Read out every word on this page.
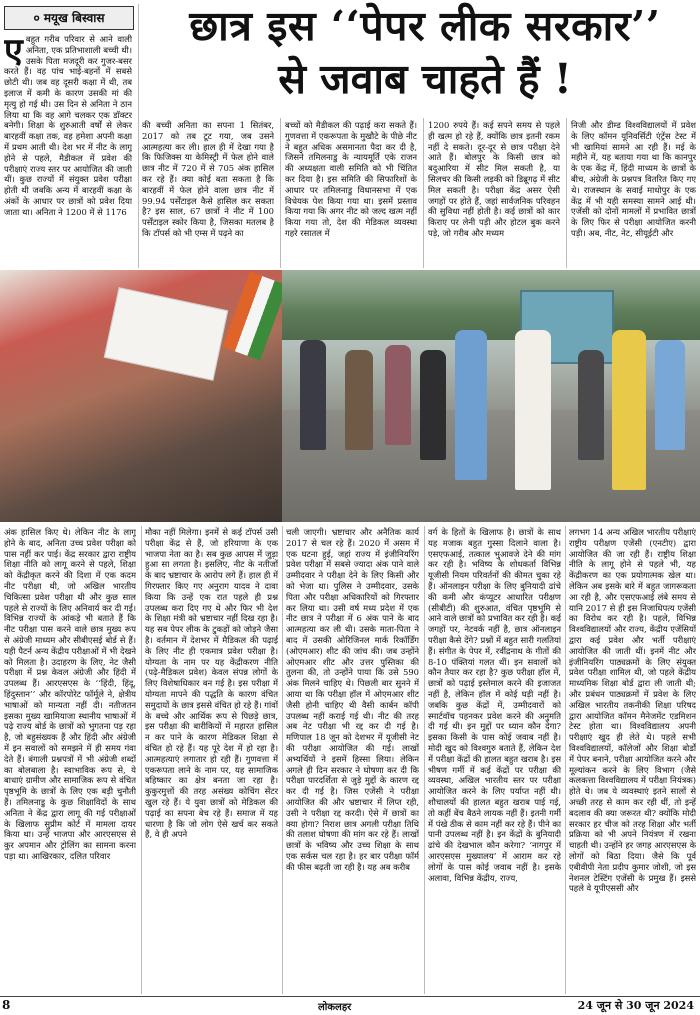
० मयूख बिस्वास	छात्र इस ‘‘पेपर लीक सरकार’’
से जवाब चाहते हैं !
एबहुत गरीब परिवार से आने वाली अनिता, एक प्रतिभाशाली बच्ची थी। उसके पिता मजदूरी कर गुजर-बसर करते हैं। वह पांच भाई-बहनों में सबसे छोटी थी। जब वह दूसरी कक्षा में थी, तब इलाज में कमी के कारण उसकी मां की मृत्यु हो गई थी। उस दिन से अनिता ने ठान लिया था कि वह आगे चलकर एक डॉक्टर बनेगी। शिक्षा के शुरुआती वर्षों से लेकर बारहवीं कक्षा तक, वह हमेशा अपनी कक्षा में प्रथम आती थी। देश भर में नीट के लागू होने से पहले, मैडीकल में प्रवेश की परीक्षाएं राज्य स्तर पर आयोजित की जाती थीं। कुछ राज्यों में संयुक्त प्रवेश परीक्षा होती थी जबकि अन्य में बारहवीं कक्षा के अंकों के आधार पर छात्रों को प्रवेश दिया जाता था। अनिता ने 1200 में से 1176
की बच्ची अनिता का सपना 1 सितंबर, 2017 को तब टूट गया, जब उसने आत्महत्या कर ली। हाल ही में देखा गया है कि फिजिक्स या केमिस्ट्री में फेल होने वाले छात्र नीट में 720 में से 705 अंक हासिल कर रहे हैं। क्या कोई बता सकता है कि बारहवीं में फेल होने वाला छात्र नीट में 99.94 पर्सेंटाइल कैसे हासिल कर सकता है? इस साल, 67 छात्रों ने नीट में 100 पर्सेंटाइल स्कोर किया है, जिसका मतलब है कि टॉपर्स को भी एम्स में पढ़ने का
बच्चों को मैडीकल की पढ़ाई करा सकते हैं। गुणवत्ता में एकरूपता के मुखौटे के पीछे नीट ने बहुत अधिक असमानता पैदा कर दी है, जिसने तमिलनाडु के न्यायमूर्ति एके राजन की अध्यक्षता वाली समिति को भी चिंतित कर दिया है। इस समिति की सिफारिशों के आधार पर तमिलनाडु विधानसभा में एक विधेयक पेश किया गया था। इसमें प्रस्ताव किया गया कि अगर नीट को जल्द खत्म नहीं किया गया तो, देश की मेडिकल व्यवस्था गहरे रसातल में
1200 रुपये हैं। कई सपने समय से पहले ही खत्म हो रहे हैं, क्योंकि छात्र इतनी रकम नहीं दे सकते। दूर-दूर से छात्र परीक्षा देने आते हैं। बोलपुर के किसी छात्र को बदुआरिया में सीट मिल सकती है, या सिलचर की किसी लड़की को डिब्रूगढ़ में सीट मिल सकती है। परीक्षा केंद्र असर ऐसी जगहों पर होते हैं, जहां सार्वजनिक परिवहन की सुविधा नहीं होती है। कई छात्रों को कार किराए पर लेनी पड़ी और होटल बुक करने पड़े, जो गरीब और मध्यम
निजी और डीम्ड विश्वविद्यालयों में प्रवेश के लिए कॉमन यूनिवर्सिटी एंट्रेंस टेस्ट में भी खामियां सामने आ रही हैं। मई के महीने में, यह बताया गया था कि कानपुर के एक केंद्र में, हिंदी माध्यम के छात्रों के बीच, अंग्रेजी के प्रश्नपत्र वितरित किए गए थे। राजस्थान के सवाई माधोपुर के एक केंद्र में भी यही समस्या सामने आई थी। एजेंसी को दोनों मामलों में प्रभावित छात्रों के लिए फिर से परीक्षा आयोजित करनी पड़ी। अब, नीट, नेट, सीयूईटी और
अंक हासिल किए थे। लेकिन नीट के लागू होने के बाद, अनिता उच्च प्रवेश परीक्षा को पास नहीं कर पाई। केंद्र सरकार द्वारा राष्ट्रीय शिक्षा नीति को लागू करने से पहले, शिक्षा को केंद्रीकृत करने की दिशा में एक कदम नीट परीक्षा थी, जो अखिल भारतीय चिकित्सा प्रवेश परीक्षा थी और कुछ साल पहले से राज्यों के लिए अनिवार्य कर दी गई। विभिन्न राज्यों के आंकड़े भी बताते हैं कि नीट परीक्षा पास करने वाले छात्र मुख्य रूप से अंग्रेजी माध्यम और सीबीएसई बोर्ड से हैं। यही पैटर्न अन्य केंद्रीय परीक्षाओं में भी देखने को मिलता है। उदाहरण के लिए, नेट जैसी परीक्षा में प्रश्न केवल अंग्रेजी और हिंदी में उपलब्ध हैं। आरएसएस के ‘‘हिंदी, हिंदू, हिंदुस्तान’’ और कॉरपोरेट फॉर्मूले ने, क्षेत्रीय भाषाओं को मान्यता नहीं दी। नतीजतन इसका मुख्य खामियाजा स्थानीय भाषाओं में पढ़े राज्य बोर्ड के छात्रों को भुगतना पड़ रहा है, जो बहुसंख्यक हैं और हिंदी और अंग्रेजी में इन सवालों को समझने में ही समय गंवा देते हैं। बंगाली प्रश्नपत्रों में भी अंग्रेजी शब्दों का बोलबाला है। स्वाभाविक रूप से, ये बाधाएं ग्रामीण और सामाजिक रूप से वंचित पृष्ठभूमि के छात्रों के लिए एक बड़ी चुनौती हैं। तमिलनाडु के कुछ शिक्षाविदों के साथ अनिता ने केंद्र द्वारा लागू की गई परीक्षाओं के खिलाफ सुप्रीम कोर्ट में मामला दायर किया था। उन्हें भाजपा और आरएसएस से कुर अपमान और ट्रोलिंग का सामना करना पड़ा था। आखिरकार, दलित परिवार
मौका नहीं मिलेगा। इनमें से कई टॉपर्स उसी परीक्षा केंद्र से हैं, जो हरियाणा के एक भाजपा नेता का है। सब कुछ आपस में जुड़ा हुआ सा लगता है। इसलिए, नीट के नतीजों के बाद भ्रष्टाचार के आरोप लगे हैं। हाल ही में गिरफ्तार किए गए अनुराग यादव ने दावा किया कि उन्हें एक रात पहले ही प्रश्न उपलब्ध करा दिए गए थे और फिर भी देश के शिक्षा मंत्री को भ्रष्टाचार नहीं दिख रहा है। यह सब पेपर लीक के टुकड़ों को जोड़ने जैसा है। वर्तमान में देशभर में मैडिकल की पढ़ाई के लिए नीट ही एकमात्र प्रवेश परीक्षा है। योग्यता के नाम पर यह केंद्रीकरण नीति (पढ़े-मैडिकल प्रवेश) केवल संपन्न लोगों के लिए विशेषाधिकार बन गई है। इस परीक्षा में योग्यता मापने की पद्धति के कारण वंचित समुदायों के छात्र इससे वंचित हो रहे हैं। गांवों के बच्चे और आर्थिक रूप से पिछड़े छात्र, इस परीक्षा की बारीकियों में महारत हासिल न कर पाने के कारण मेडिकल शिक्षा से वंचित हो रहे हैं। यह पूरे देश में हो रहा है। आत्महत्याएं लगातार हो रही हैं। गुणवत्ता में एकरूपता लाने के नाम पर, यह सामाजिक बहिष्कार का क्षेत्र बनता जा रहा है। कुकुरमुत्तों की तरह असंख्य कोचिंग सेंटर खुल रहे हैं। ये युवा छात्रों को मेडिकल की पढ़ाई का सपना बेच रहे हैं। समाज में यह धारणा है कि जो लोग ऐसे खर्च कर सकते हैं, वे ही अपने
चली जाएगी। भ्रष्टाचार और अनैतिक कार्य 2017 से चल रहे हैं। 2020 में असम में एक घटना हुई, जहां राज्य में इंजीनियरिंग प्रवेश परीक्षा में सबसे ज्यादा अंक पाने वाले उम्मीदवार ने परीक्षा देने के लिए किसी और को भेजा था। पुलिस ने उम्मीदवार, उसके पिता और परीक्षा अधिकारियों को गिरफ्तार कर लिया था। उसी वर्ष मध्य प्रदेश में एक नीट छात्र ने परीक्षा में 6 अंक पाने के बाद आत्महत्या कर ली थी। उसके माता-पिता ने बाद में उसकी ओरिजिनल मार्क रिकॉर्डिंग (ओएमआर) शीट की जांच की। जब उन्होंने ओएमआर शीट और उत्तर पुस्तिका की तुलना की, तो उन्होंने पाया कि उसे 590 अंक मिलने चाहिए थे। पिछली बार सुनने में आया था कि परीक्षा हॉल में ओएमआर शीट जैसी होनी चाहिए थी वैसी कार्बन कॉपी उपलब्ध नहीं कराई गई थी। नीट की तरह अब नेट परीक्षा भी रद्द कर दी गई है। मणिपाल 18 जून को देशभर में यूजीसी नेट की परीक्षा आयोजित की गई। लाखों अभ्यर्थियों ने इसमें हिस्सा लिया। लेकिन अगले ही दिन सरकार ने घोषणा कर दी कि परीक्षा पारदर्शिता से जुड़े मुद्दों के कारण रद्द कर दी गई है। जिस एजेंसी ने परीक्षा आयोजित की और भ्रष्टाचार में लिप्त रही, उसी ने परीक्षा रद्द करदी। ऐसे में छात्रों का क्या होगा? निराश छात्र अगली परीक्षा तिथि की तलाश घोषणा की मांग कर रहे हैं। लाखों छात्रों के भविष्य और उच्च शिक्षा के साथ एक सर्कस चल रहा है। हर बार परीक्षा फॉर्म की फीस बढ़ती जा रही है। यह अब करीब
वर्ग के हितों के खिलाफ है। छात्रों के साथ यह मजाक बहुत गुस्सा दिलाने वाला है। एसएफआई, तत्काल भुआवजे देने की मांग कर रही है। भविष्य के शोधकर्ता विभिन्न यूजीसी नियम परिवर्तनों की कीमत चुका रहे हैं। ऑनलाइन परीक्षा के लिए बुनियादी ढांचे की कमी और कंप्यूटर आधारित परीक्षण (सीबीटी) की शुरुआत, वंचित पृष्ठभूमि से आने वाले छात्रों को प्रभावित कर रही है। कई जगहों पर, नेटवर्क नहीं है, छात्र ऑनलाइन परीक्षा कैसे देंगे? प्रश्नों में बहुत सारी गलतियां हैं। संगीत के पेपर में, रवींद्रनाथ के गीतों की 8-10 पंक्तियां गलत थीं। इन सवालों को कौन तैयार कर रहा है? कुछ परीक्षा हॉल में, छात्रों को पढ़ाई इस्तेमाल करने की इजाजत नहीं है, लेकिन हॉल में कोई घड़ी नहीं है। जबकि कुछ केंद्रों में, उम्मीदवारों को स्मार्टवॉच पहनकर प्रवेश करने की अनुमति दी गई थी। इन मुद्दों पर ध्यान कौन देगा? इसका किसी के पास कोई जवाब नहीं है। मोदी खुद को विश्वगुरु बताते हैं, लेकिन देश में परीक्षा केंद्रों की हालत बहुत खराब है। इस भीषण गर्मी में कई केंद्रों पर परीक्षा की व्यवस्था, अखिल भारतीय स्तर पर परीक्षा आयोजित करने के लिए पर्याप्त नहीं थी। शौचालयों की हालत बहुत खराब पाई गई, तो कहीं बेंच बैठने लायक नहीं हैं। इतनी गर्मी में पंखे ठीक से काम नहीं कर रहे हैं। पीने का पानी उपलब्ध नहीं है। इन केंद्रों के बुनियादी ढांचे की देखभाल कौन करेगा? ‘नागपुर में आरएसएस मुख्यालय’ में आराम कर रहे लोगों के पास कोई जवाब नहीं है। इसके अलावा, विभिन्न केंद्रीय, राज्य,
लगभग 14 अन्य अखिल भारतीय परीक्षाएं राष्ट्रीय परीक्षण एजेंसी (एनटीए) द्वारा आयोजित की जा रही हैं। राष्ट्रीय शिक्षा नीति के लागू होने से पहले भी, यह केंद्रीकरण का एक प्रयोगात्मक खेल था। लेकिन अब इसके बारे में बहुत जागरूकता आ रही है, और एसएफआई लंबे समय से यानि 2017 से ही इस निजाधिपत्य एजेंसी का विरोध कर रही है। पहले, विभिन्न विश्वविद्यालयों और राज्य, केंद्रीय एजेंसियों द्वारा कई प्रवेश और भर्ती परीक्षाएं आयोजित की जाती थीं। इनमें नीट और इंजीनियरिंग पाठ्यक्रमों के लिए संयुक्त प्रवेश परीक्षा शामिल थी, जो पहले केंद्रीय माध्यमिक शिक्षा बोर्ड द्वारा ली जाती थी; और प्रबंधन पाठ्यक्रमों में प्रवेश के लिए अखिल भारतीय तकनीकी शिक्षा परिषद द्वारा आयोजित कॉमन मैनेजमेंट एडमिशन टेस्ट होता था। विश्वविद्यालय अपनी परीक्षाएं खुद ही लेते थे। पहले सभी विश्वविद्यालयों, कॉलेजों और शिक्षा बोर्डों में पेपर बनाने, परीक्षा आयोजित करने और मूल्यांकन करने के लिए विभाग (जैसे कलकत्ता विश्वविद्यालय में परीक्षा नियंत्रक) होते थे। जब ये व्यवस्थाएं इतने सालों से अच्छी तरह से काम कर रही थीं, तो इन्हें बदलाव की क्या जरूरत थी? क्योंकि मोदी सरकार हर चीज को तरह शिक्षा और भर्ती प्रक्रिया को भी अपने नियंत्रण में रखना चाहती थी। उन्होंने हर जगह आरएसएस के लोगों को बिठा दिया। जैसे कि पूर्व एबीवीपी नेता प्रदीप कुमार जोशी, जो इस नेशनल टेस्टिंग एजेंसी के प्रमुख हैं। इससे पहले वे यूपीएससी और
8	लोकलहर	24 जून से 30 जून 2024
